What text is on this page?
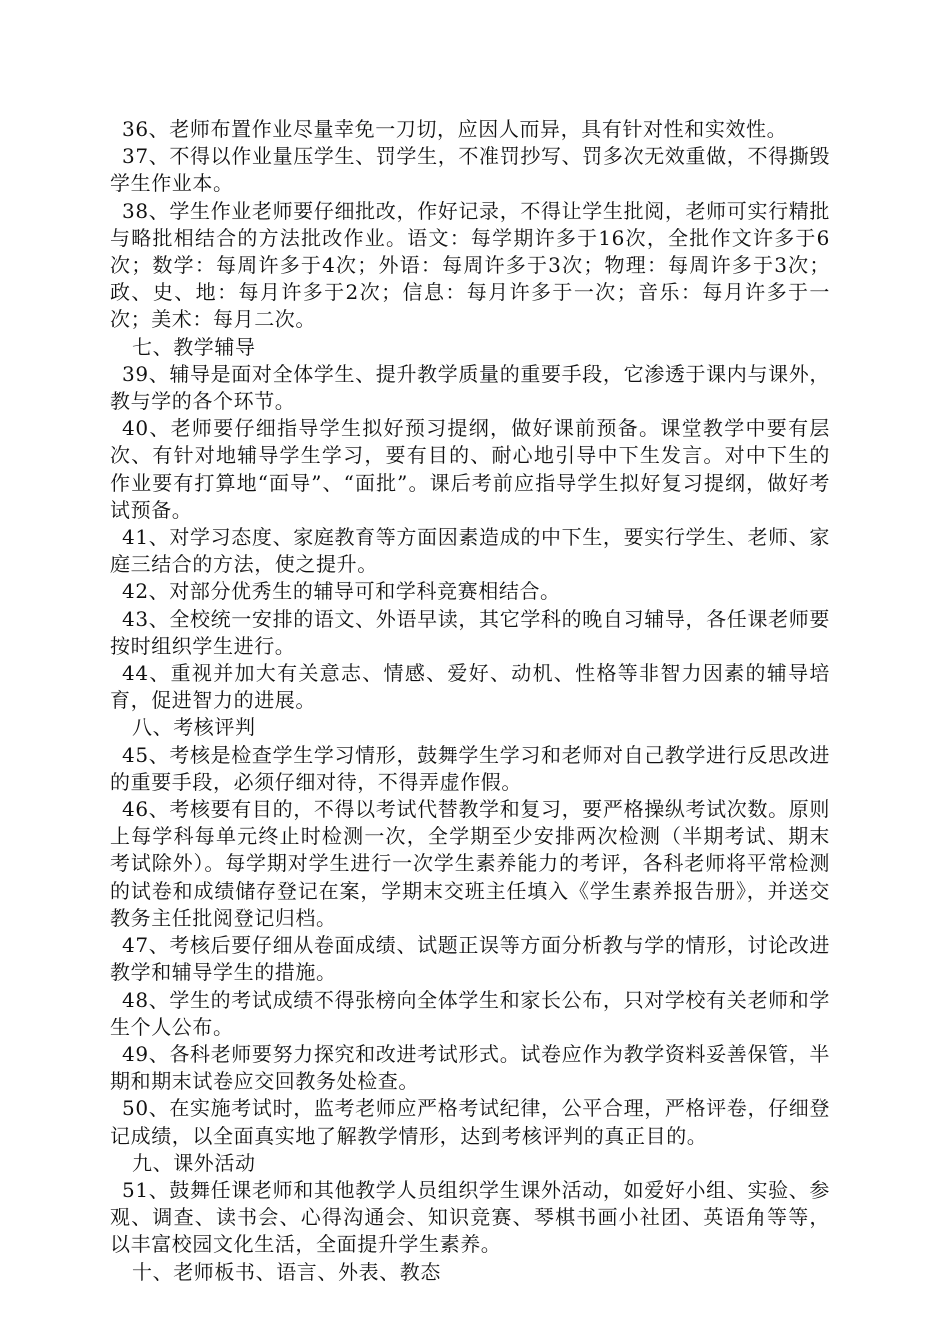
36、老师布置作业尽量幸免一刀切，应因人而异，具有针对性和实效性。

37、不得以作业量压学生、罚学生，不准罚抄写、罚多次无效重做，不得撕毁学生作业本。

38、学生作业老师要仔细批改，作好记录，不得让学生批阅，老师可实行精批与略批相结合的方法批改作业。语文：每学期许多于16次，全批作文许多于6次；数学：每周许多于4次；外语：每周许多于3次；物理：每周许多于3次；政、史、地：每月许多于2次；信息：每月许多于一次；音乐：每月许多于一次；美术：每月二次。

七、教学辅导

39、辅导是面对全体学生、提升教学质量的重要手段，它渗透于课内与课外，教与学的各个环节。

40、老师要仔细指导学生拟好预习提纲，做好课前预备。课堂教学中要有层次、有针对地辅导学生学习，要有目的、耐心地引导中下生发言。对中下生的作业要有打算地“面导”、“面批”。课后考前应指导学生拟好复习提纲，做好考试预备。

41、对学习态度、家庭教育等方面因素造成的中下生，要实行学生、老师、家庭三结合的方法，使之提升。

42、对部分优秀生的辅导可和学科竞赛相结合。

43、全校统一安排的语文、外语早读，其它学科的晚自习辅导，各任课老师要按时组织学生进行。

44、重视并加大有关意志、情感、爱好、动机、性格等非智力因素的辅导培育，促进智力的进展。

八、考核评判

45、考核是检查学生学习情形，鼓舞学生学习和老师对自己教学进行反思改进的重要手段，必须仔细对待，不得弄虚作假。

46、考核要有目的，不得以考试代替教学和复习，要严格操纵考试次数。原则上每学科每单元终止时检测一次，全学期至少安排两次检测（半期考试、期末考试除外）。每学期对学生进行一次学生素养能力的考评，各科老师将平常检测的试卷和成绩储存登记在案，学期末交班主任填入《学生素养报告册》，并送交教务主任批阅登记归档。

47、考核后要仔细从卷面成绩、试题正误等方面分析教与学的情形，讨论改进教学和辅导学生的措施。

48、学生的考试成绩不得张榜向全体学生和家长公布，只对学校有关老师和学生个人公布。

49、各科老师要努力探究和改进考试形式。试卷应作为教学资料妥善保管，半期和期末试卷应交回教务处检查。

50、在实施考试时，监考老师应严格考试纪律，公平合理，严格评卷，仔细登记成绩，以全面真实地了解教学情形，达到考核评判的真正目的。

九、课外活动

51、鼓舞任课老师和其他教学人员组织学生课外活动，如爱好小组、实验、参观、调查、读书会、心得沟通会、知识竞赛、琴棋书画小社团、英语角等等，以丰富校园文化生活，全面提升学生素养。

十、老师板书、语言、外表、教态
